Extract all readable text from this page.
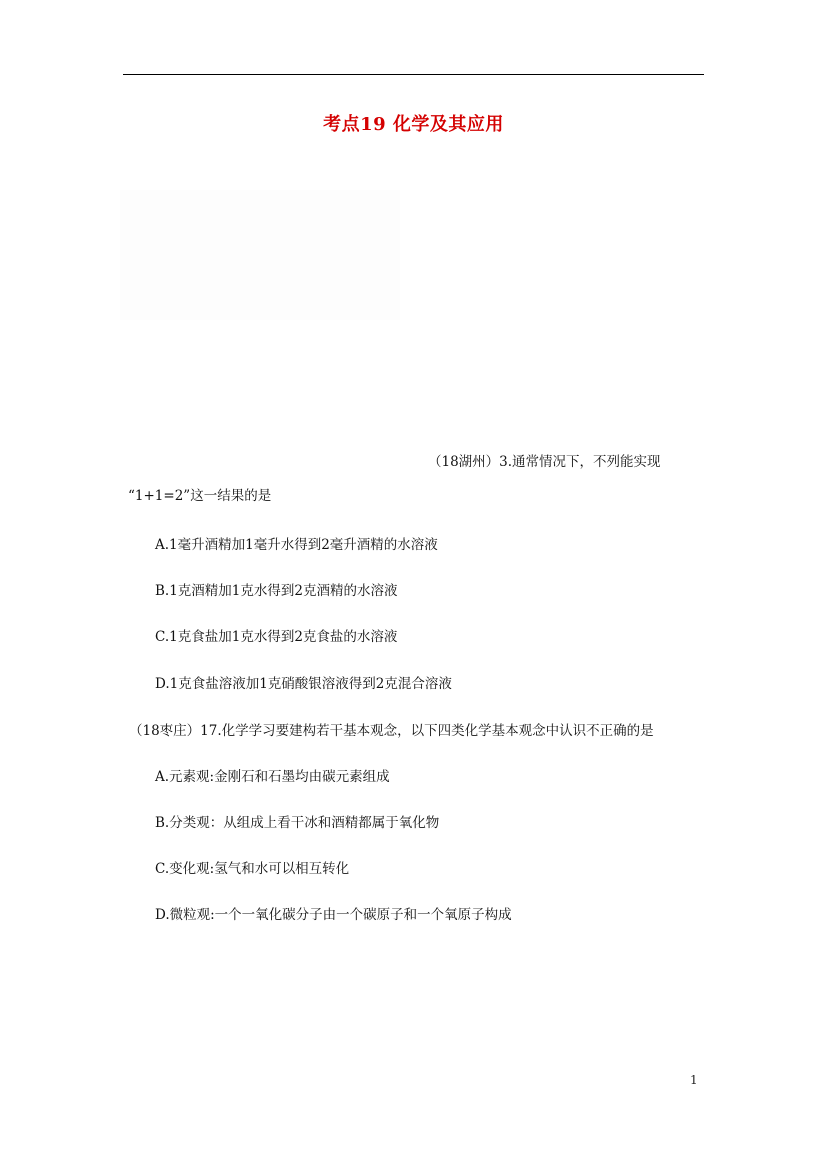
考点19 化学及其应用
（18湖州）3.通常情况下，不列能实现
“1+1=2”这一结果的是
A.1毫升酒精加1毫升水得到2毫升酒精的水溶液
B.1克酒精加1克水得到2克酒精的水溶液
C.1克食盐加1克水得到2克食盐的水溶液
D.1克食盐溶液加1克硝酸银溶液得到2克混合溶液
（18枣庄）17.化学学习要建构若干基本观念，以下四类化学基本观念中认识不正确的是
A.元素观:金刚石和石墨均由碳元素组成
B.分类观：从组成上看干冰和酒精都属于氧化物
C.变化观:氢气和水可以相互转化
D.微粒观:一个一氧化碳分子由一个碳原子和一个氧原子构成
1
